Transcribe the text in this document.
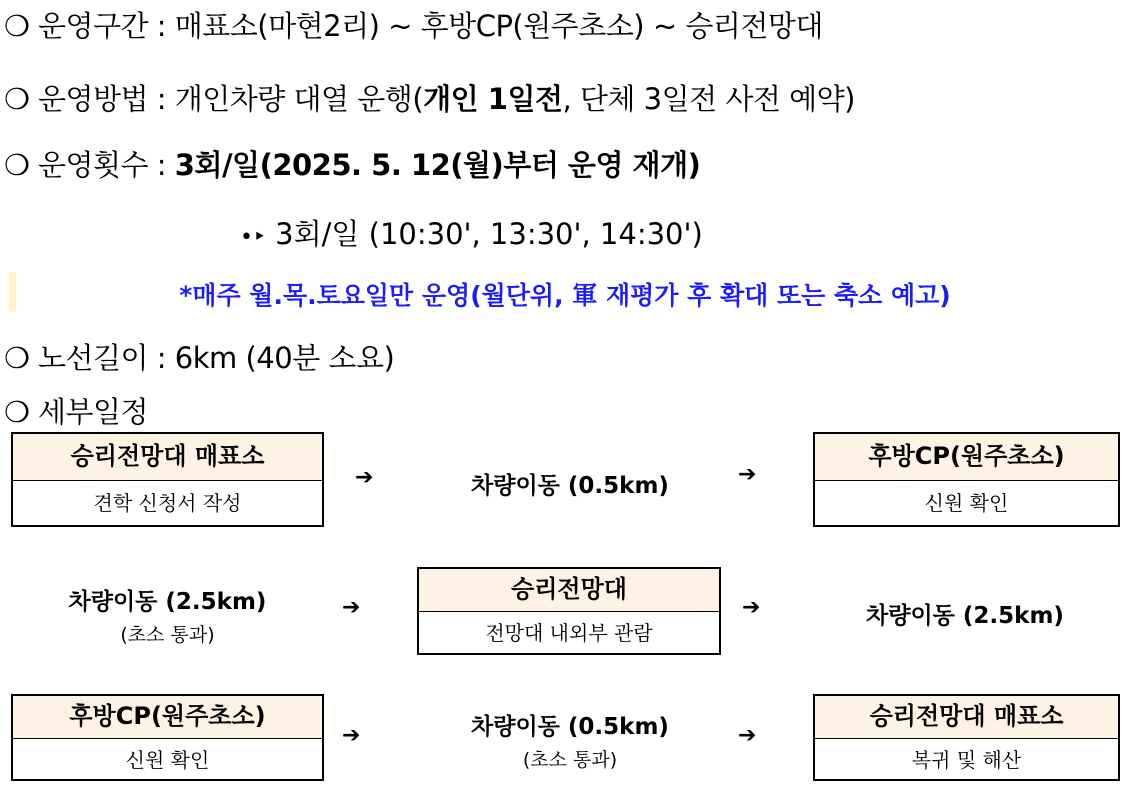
❍ 운영구간 : 매표소(마현2리) ~ 후방CP(원주초소) ~ 승리전망대
❍ 운영방법 : 개인차량 대열 운행(개인 1일전, 단체 3일전 사전 예약)
❍ 운영횟수 : 3회/일(2025. 5. 12(월)부터 운영 재개)
•‣ 3회/일 (10:30', 13:30', 14:30')
*매주 월.목.토요일만 운영(월단위, 軍 재평가 후 확대 또는 축소 예고)
❍ 노선길이 : 6km (40분 소요)
❍ 세부일정
승리전망대 매표소
견학 신청서 작성
➔	차량이동 (0.5km)	➔
후방CP(원주초소)
신원 확인
차량이동 (2.5km)
(초소 통과)
➔
승리전망대
전망대 내외부 관람
➔	차량이동 (2.5km)
후방CP(원주초소)
신원 확인
➔	차량이동 (0.5km)
(초소 통과)
➔
승리전망대 매표소
복귀 및 해산
